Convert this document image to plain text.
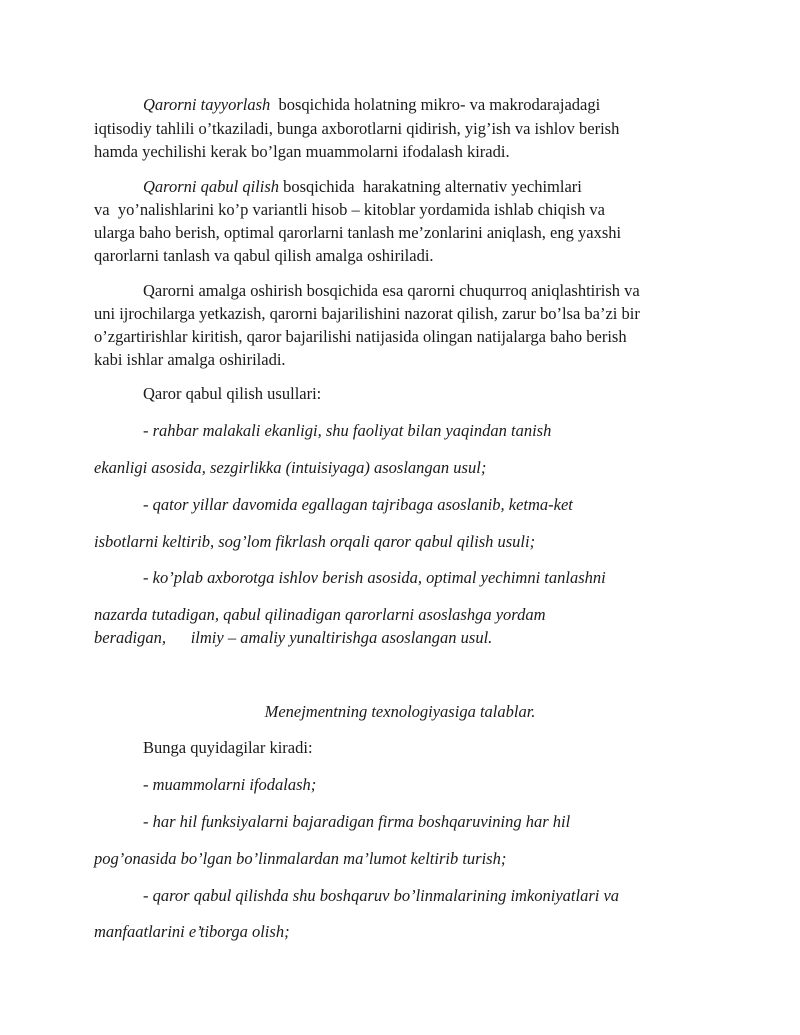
Qarorni tayyorlash  bosqichida holatning mikro- va makrodarajadagi
iqtisodiy tahlili o’tkaziladi, bunga axborotlarni qidirish, yig’ish va ishlov berish
hamda yechilishi kerak bo’lgan muammolarni ifodalash kiradi.
Qarorni qabul qilish bosqichida  harakatning alternativ yechimlari
va  yo’nalishlarini ko’p variantli hisob – kitoblar yordamida ishlab chiqish va
ularga baho berish, optimal qarorlarni tanlash me’zonlarini aniqlash, eng yaxshi
qarorlarni tanlash va qabul qilish amalga oshiriladi.
Qarorni amalga oshirish bosqichida esa qarorni chuqurroq aniqlashtirish va
uni ijrochilarga yetkazish, qarorni bajarilishini nazorat qilish, zarur bo’lsa ba’zi bir
o’zgartirishlar kiritish, qaror bajarilishi natijasida olingan natijalarga baho berish
kabi ishlar amalga oshiriladi.
Qaror qabul qilish usullari:
- rahbar malakali ekanligi, shu faoliyat bilan yaqindan tanish
ekanligi asosida, sezgirlikka (intuisiyaga) asoslangan usul;
- qator yillar davomida egallagan tajribaga asoslanib, ketma-ket
isbotlarni keltirib, sog’lom fikrlash orqali qaror qabul qilish usuli;
- ko’plab axborotga ishlov berish asosida, optimal yechimni tanlashni
nazarda tutadigan, qabul qilinadigan qarorlarni asoslashga yordam
beradigan,      ilmiy – amaliy yunaltirishga asoslangan usul.
Menejmentning texnologiyasiga talablar.
Bunga quyidagilar kiradi:
- muammolarni ifodalash;
- har hil funksiyalarni bajaradigan firma boshqaruvining har hil
pog’onasida bo’lgan bo’linmalardan ma’lumot keltirib turish;
- qaror qabul qilishda shu boshqaruv bo’linmalarining imkoniyatlari va
manfaatlarini e’tiborga olish;
